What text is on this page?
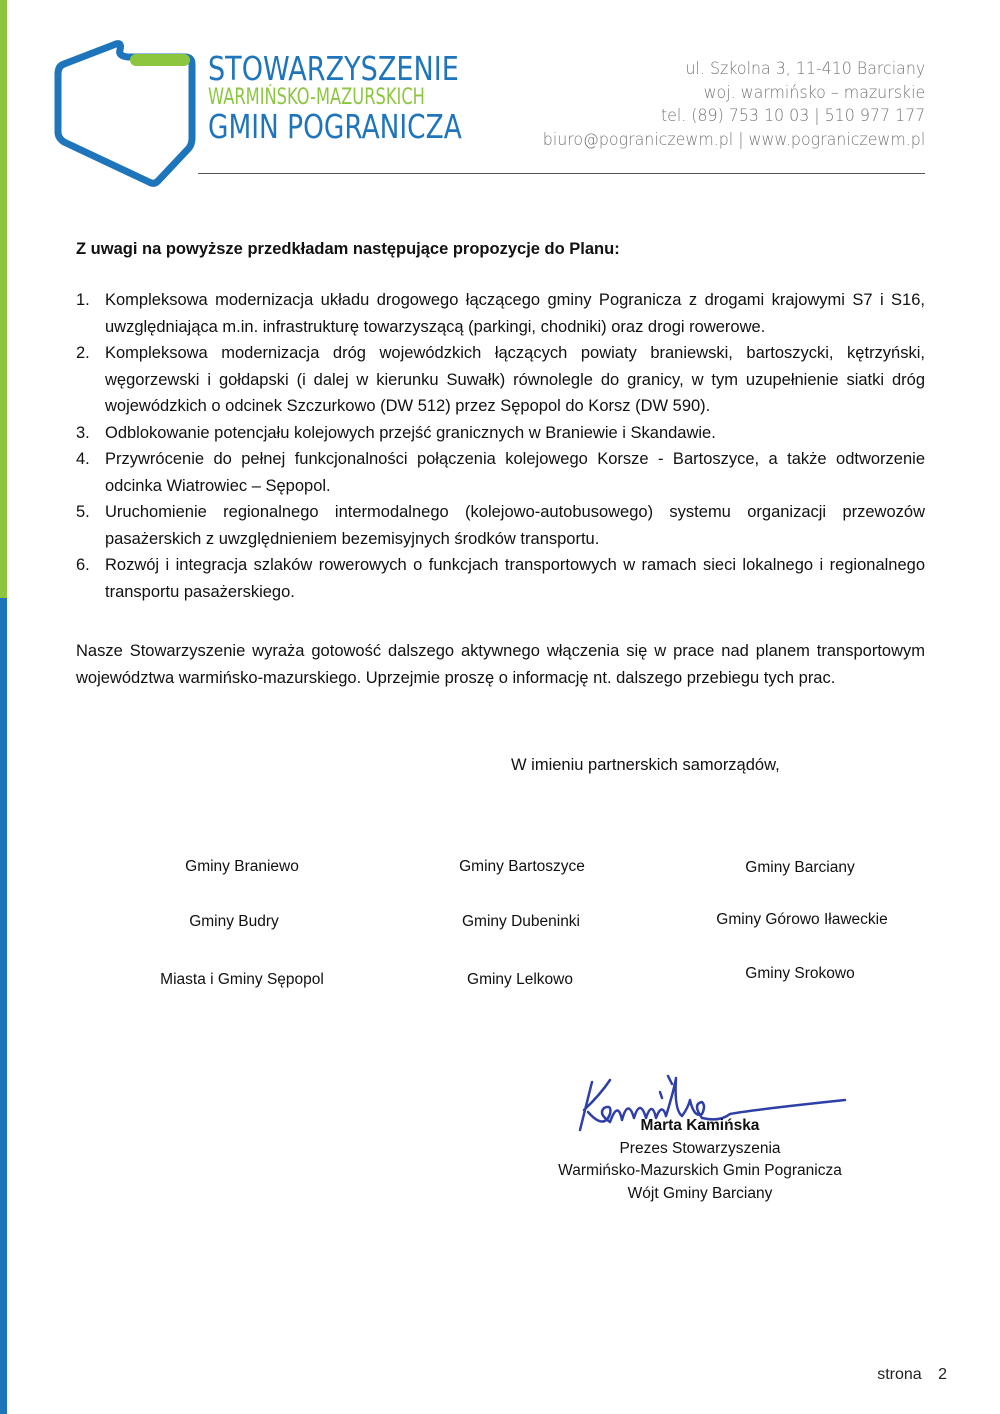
STOWARZYSZENIE
WARMIŃSKO-MAZURSKICH
GMIN POGRANICZA
ul. Szkolna 3, 11-410 Barciany
woj. warmińsko – mazurskie
tel. (89) 753 10 03 | 510 977 177
biuro@pograniczewm.pl | www.pograniczewm.pl
Z uwagi na powyższe przedkładam następujące propozycje do Planu:
1. Kompleksowa modernizacja układu drogowego łączącego gminy Pogranicza z drogami krajowymi S7 i S16, uwzględniająca m.in. infrastrukturę towarzyszącą (parkingi, chodniki) oraz drogi rowerowe.
2. Kompleksowa modernizacja dróg wojewódzkich łączących powiaty braniewski, bartoszycki, kętrzyński, węgorzewski i gołdapski (i dalej w kierunku Suwałk) równolegle do granicy, w tym uzupełnienie siatki dróg wojewódzkich o odcinek Szczurkowo (DW 512) przez Sępopol do Korsz (DW 590).
3. Odblokowanie potencjału kolejowych przejść granicznych w Braniewie i Skandawie.
4. Przywrócenie do pełnej funkcjonalności połączenia kolejowego Korsze - Bartoszyce, a także odtworzenie odcinka Wiatrowiec – Sępopol.
5. Uruchomienie regionalnego intermodalnego (kolejowo-autobusowego) systemu organizacji przewozów pasażerskich z uwzględnieniem bezemisyjnych środków transportu.
6. Rozwój i integracja szlaków rowerowych o funkcjach transportowych w ramach sieci lokalnego i regionalnego transportu pasażerskiego.
Nasze Stowarzyszenie wyraża gotowość dalszego aktywnego włączenia się w prace nad planem transportowym województwa warmińsko-mazurskiego. Uprzejmie proszę o informację nt. dalszego przebiegu tych prac.
W imieniu partnerskich samorządów,
Gminy Braniewo	Gminy Bartoszyce	Gminy Barciany
Gminy Budry	Gminy Dubeninki	Gminy Górowo Iławeckie
Miasta i Gminy Sępopol	Gminy Lelkowo	Gminy Srokowo
Marta Kamińska
Prezes Stowarzyszenia
Warmińsko-Mazurskich Gmin Pogranicza
Wójt Gminy Barciany
strona 2
